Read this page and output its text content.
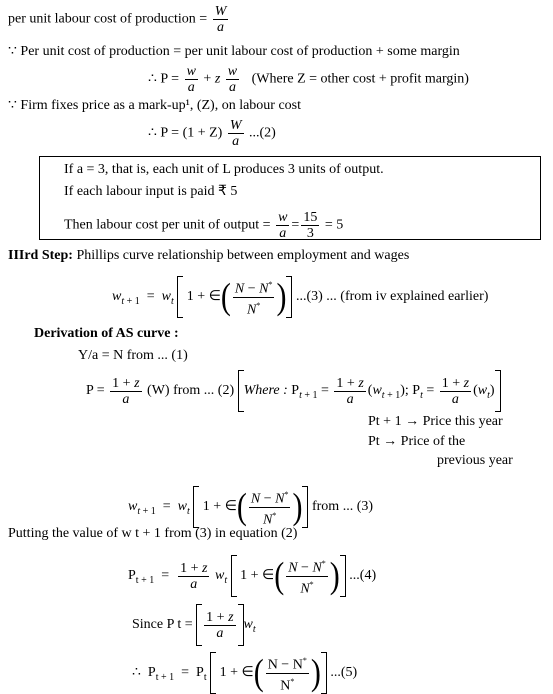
per unit labour cost of production = $\frac{W}{a}$
∵ Per unit cost of production = per unit labour cost of production + some margin
∴ $P = \frac{w}{a} + z \frac{w}{a}$ (Where Z = other cost + profit margin)
∵ Firm fixes price as a mark-up¹, (Z), on labour cost
∴ $P = (1 + Z) \frac{W}{a} ...(2)$
If a = 3, that is, each unit of L produces 3 units of output.
If each labour input is paid ₹ 5
Then labour cost per unit of output = $\frac{w}{a} = \frac{15}{3} = 5$
IIIrd Step: Phillips curve relationship between employment and wages
$w_{t + 1} = w_t$  1 + ∈( $\frac{N - N^*}{N^*}$ ) ...(3) ... (from iv explained earlier)
Derivation of AS curve :
Y/a = N from ... (1)
$P = \frac{1 + z}{a} (W)$ from ... (2) Where : $P_{t + 1} = \frac{1 + z}{a} (w_{t + 1})$; $P_t = \frac{1 + z}{a} (w_t)$
Pt + 1 → Price this year
Pt → Price of the
previous year
$w_{t + 1} = w_t$  1 + ∈( $\frac{N - N^*}{N^*}$ ) from ... (3)
Putting the value of w t + 1 from (3) in equation (2)
$P_{t + 1} = \frac{1 + z}{a} w_t$  1 + ∈( $\frac{N - N^*}{N^*}$ ) ...(4)
Since P $t = \frac{1 + z}{a} w_t$
∴  $P_{t + 1} = P_t$  1 + ∈( $\frac{N - N^*}{N^*}$ ) ...(5)
